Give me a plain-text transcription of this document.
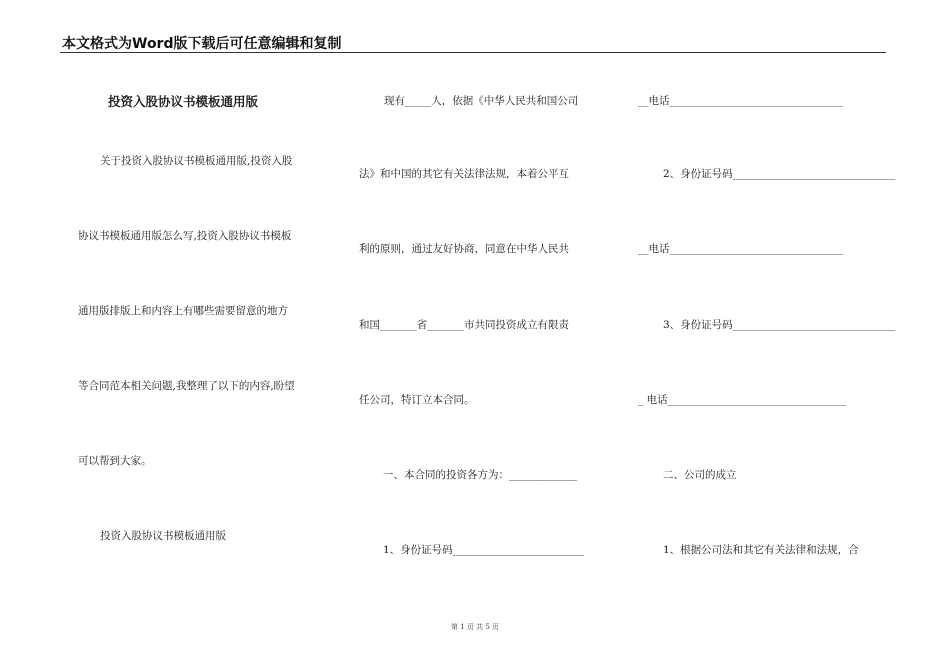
本文格式为Word版下载后可任意编辑和复制
投资入股协议书模板通用版
关于投资入股协议书模板通用版,投资入股
协议书模板通用版怎么写,投资入股协议书模板
通用版排版上和内容上有哪些需要留意的地方
等合同范本相关问题,我整理了以下的内容,盼望
可以帮到大家。
投资入股协议书模板通用版
现有_____人，依据《中华人民共和国公司
法》和中国的其它有关法律法规，本着公平互
利的原则，通过友好协商，同意在中华人民共
和国_______省_______市共同投资成立有限责
任公司，特订立本合同。
一、本合同的投资各方为：_____________
1、身份证号码_________________________
__电话_________________________________
2、身份证号码_______________________________
__电话_________________________________
3、身份证号码_______________________________
_ 电话__________________________________
二、公司的成立
1、根据公司法和其它有关法律和法规，合
第 1 页 共 5 页
